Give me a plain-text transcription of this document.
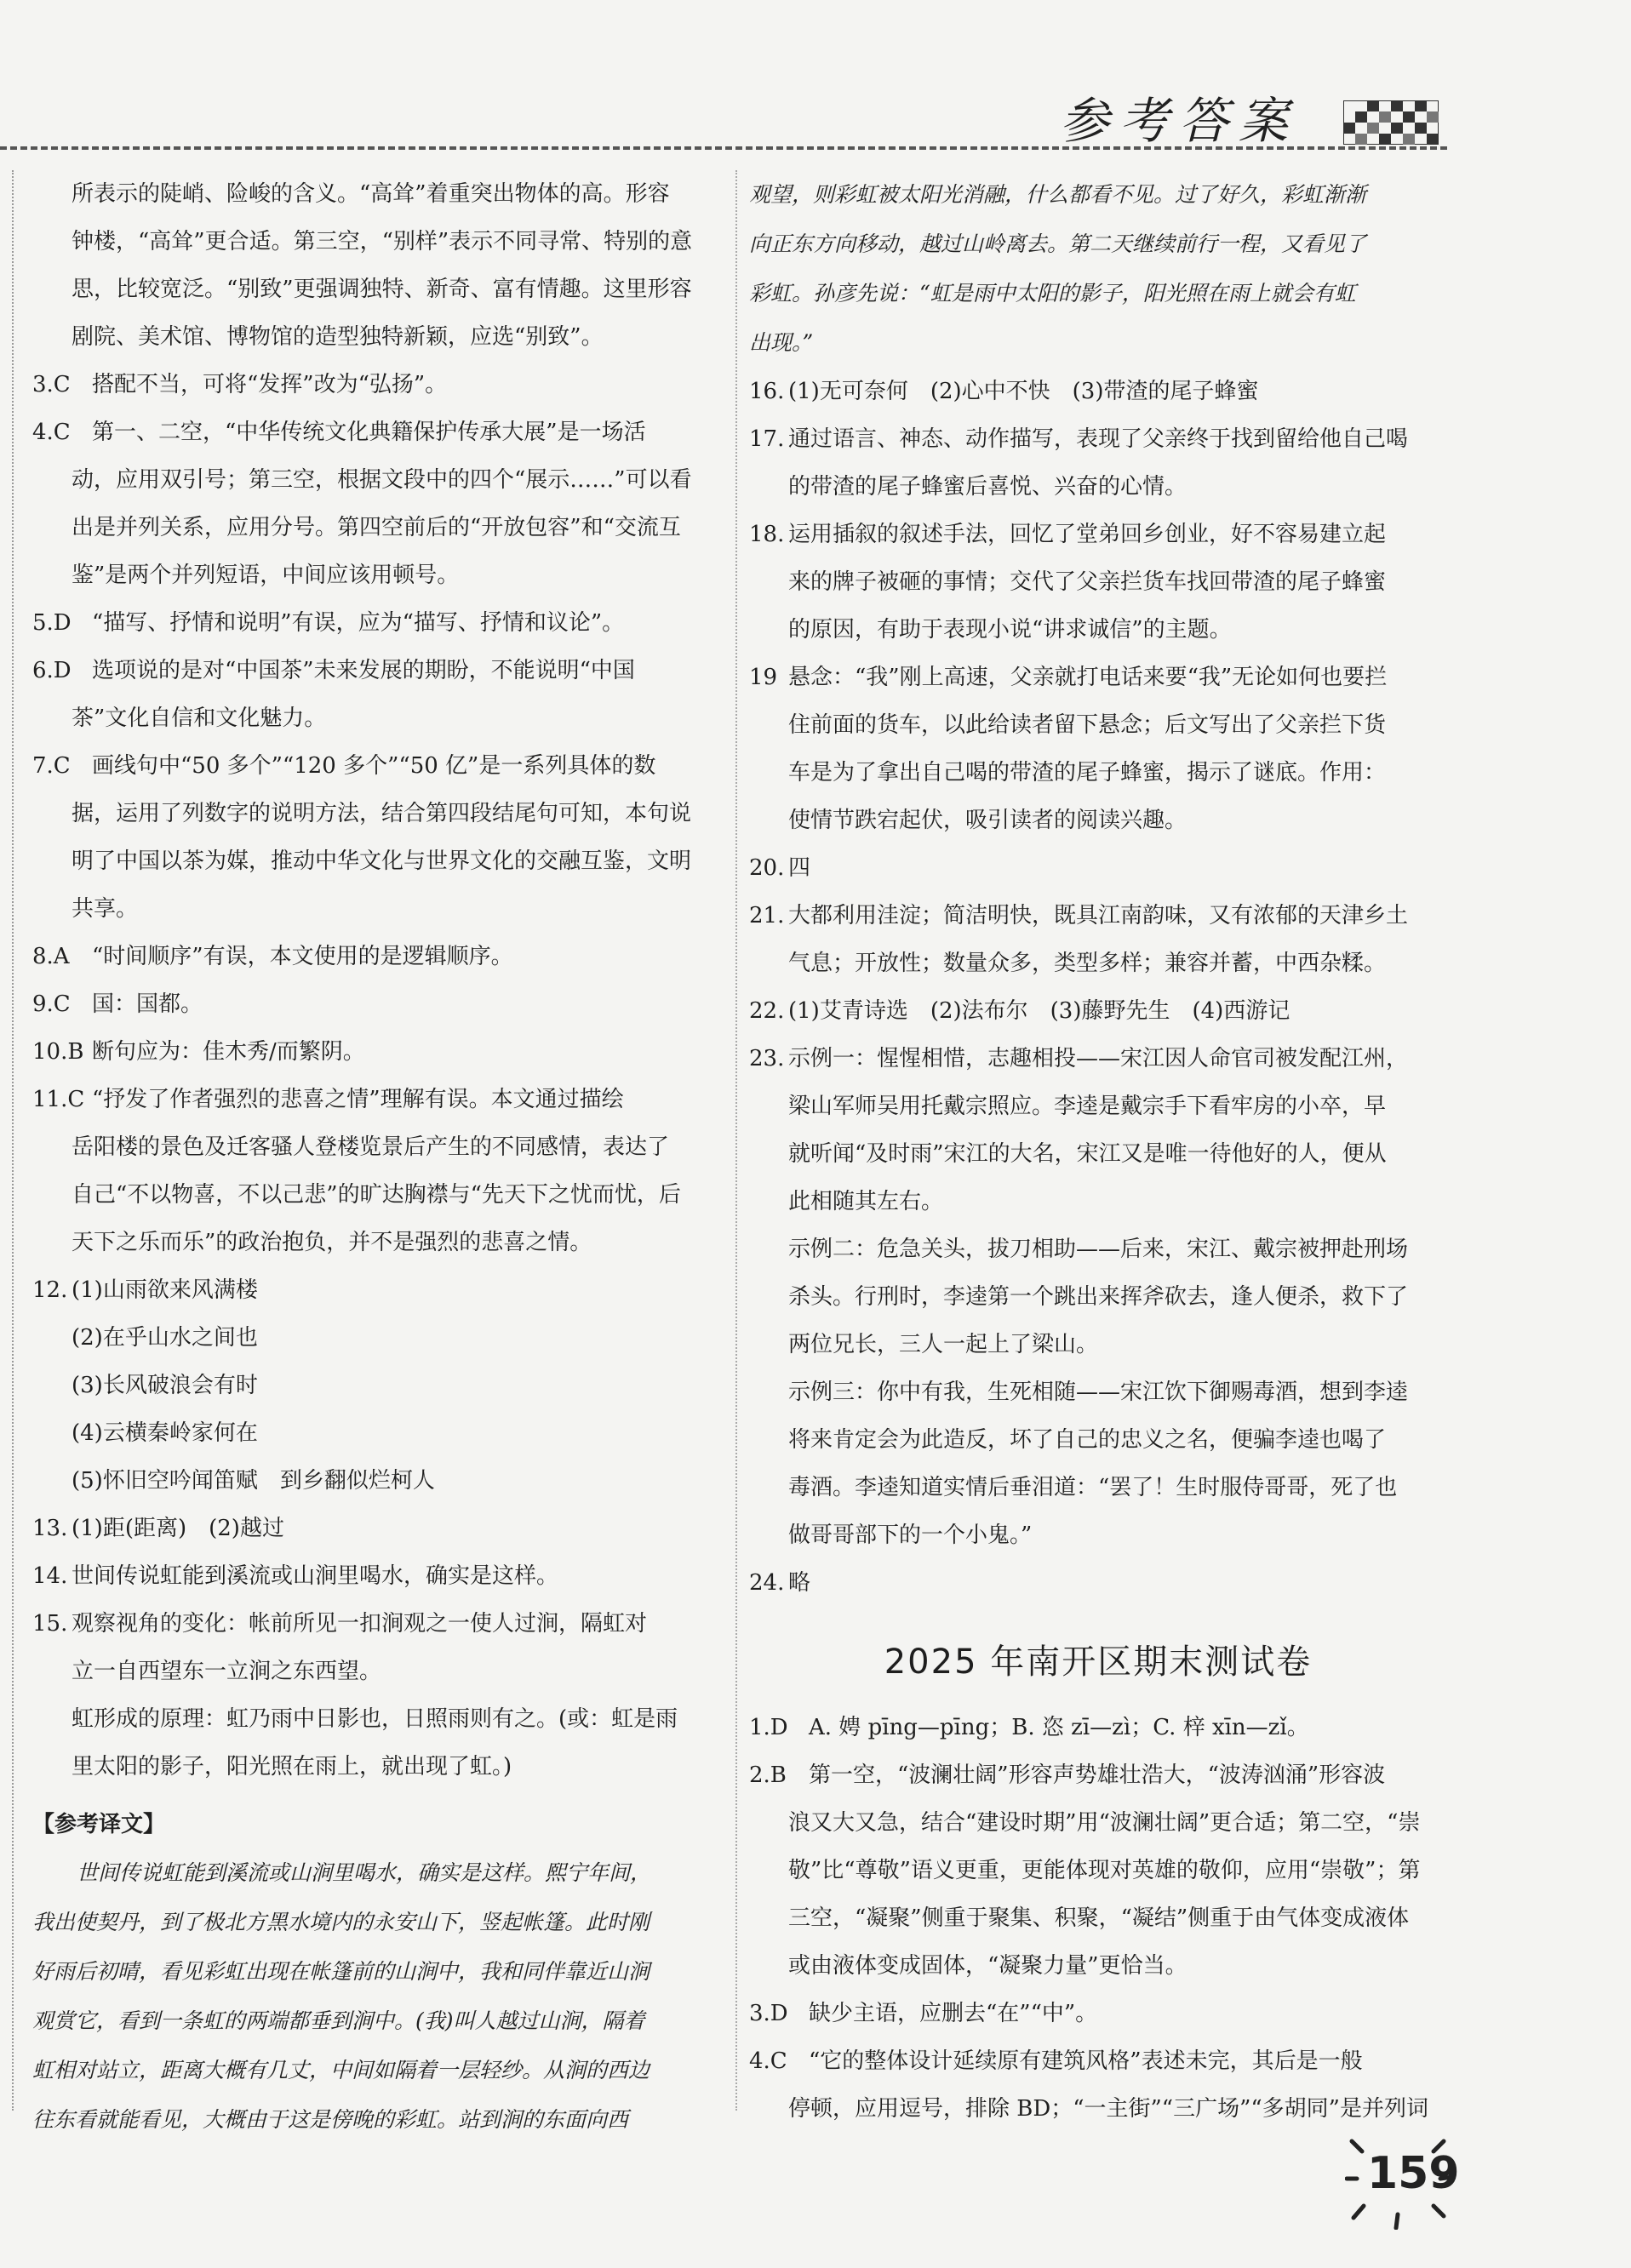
参考答案
所表示的陡峭、险峻的含义。“高耸”着重突出物体的高。形容
钟楼，“高耸”更合适。第三空，“别样”表示不同寻常、特别的意
思，比较宽泛。“别致”更强调独特、新奇、富有情趣。这里形容
剧院、美术馆、博物馆的造型独特新颖，应选“别致”。
3.C 搭配不当，可将“发挥”改为“弘扬”。
4.C 第一、二空，“中华传统文化典籍保护传承大展”是一场活
动，应用双引号；第三空，根据文段中的四个“展示……”可以看
出是并列关系，应用分号。第四空前后的“开放包容”和“交流互
鉴”是两个并列短语，中间应该用顿号。
5.D “描写、抒情和说明”有误，应为“描写、抒情和议论”。
6.D 选项说的是对“中国茶”未来发展的期盼，不能说明“中国
茶”文化自信和文化魅力。
7.C 画线句中“50 多个”“120 多个”“50 亿”是一系列具体的数
据，运用了列数字的说明方法，结合第四段结尾句可知，本句说
明了中国以茶为媒，推动中华文化与世界文化的交融互鉴，文明
共享。
8.A “时间顺序”有误，本文使用的是逻辑顺序。
9.C 国：国都。
10.B 断句应为：佳木秀/而繁阴。
11.C “抒发了作者强烈的悲喜之情”理解有误。本文通过描绘
岳阳楼的景色及迁客骚人登楼览景后产生的不同感情，表达了
自己“不以物喜，不以己悲”的旷达胸襟与“先天下之忧而忧，后
天下之乐而乐”的政治抱负，并不是强烈的悲喜之情。
12. (1)山雨欲来风满楼
(2)在乎山水之间也
(3)长风破浪会有时
(4)云横秦岭家何在
(5)怀旧空吟闻笛赋　到乡翻似烂柯人
13. (1)距(距离)　(2)越过
14. 世间传说虹能到溪流或山涧里喝水，确实是这样。
15. 观察视角的变化：帐前所见一扣涧观之一使人过涧，隔虹对
立一自西望东一立涧之东西望。
虹形成的原理：虹乃雨中日影也，日照雨则有之。(或：虹是雨
里太阳的影子，阳光照在雨上，就出现了虹。)
【参考译文】
世间传说虹能到溪流或山涧里喝水，确实是这样。熙宁年间，
我出使契丹，到了极北方黑水境内的永安山下，竖起帐篷。此时刚
好雨后初晴，看见彩虹出现在帐篷前的山涧中，我和同伴靠近山涧
观赏它，看到一条虹的两端都垂到涧中。(我)叫人越过山涧，隔着
虹相对站立，距离大概有几丈，中间如隔着一层轻纱。从涧的西边
往东看就能看见，大概由于这是傍晚的彩虹。站到涧的东面向西
观望，则彩虹被太阳光消融，什么都看不见。过了好久，彩虹渐渐
向正东方向移动，越过山岭离去。第二天继续前行一程，又看见了
彩虹。孙彦先说：“虹是雨中太阳的影子，阳光照在雨上就会有虹
出现。”
16. (1)无可奈何　(2)心中不快　(3)带渣的尾子蜂蜜
17. 通过语言、神态、动作描写，表现了父亲终于找到留给他自己喝
的带渣的尾子蜂蜜后喜悦、兴奋的心情。
18. 运用插叙的叙述手法，回忆了堂弟回乡创业，好不容易建立起
来的牌子被砸的事情；交代了父亲拦货车找回带渣的尾子蜂蜜
的原因，有助于表现小说“讲求诚信”的主题。
19 悬念：“我”刚上高速，父亲就打电话来要“我”无论如何也要拦
住前面的货车，以此给读者留下悬念；后文写出了父亲拦下货
车是为了拿出自己喝的带渣的尾子蜂蜜，揭示了谜底。作用：
使情节跌宕起伏，吸引读者的阅读兴趣。
20. 四
21. 大都利用洼淀；简洁明快，既具江南韵味，又有浓郁的天津乡土
气息；开放性；数量众多，类型多样；兼容并蓄，中西杂糅。
22. (1)艾青诗选　(2)法布尔　(3)藤野先生　(4)西游记
23. 示例一：惺惺相惜，志趣相投——宋江因人命官司被发配江州，
梁山军师吴用托戴宗照应。李逵是戴宗手下看牢房的小卒，早
就听闻“及时雨”宋江的大名，宋江又是唯一待他好的人，便从
此相随其左右。
示例二：危急关头，拔刀相助——后来，宋江、戴宗被押赴刑场
杀头。行刑时，李逵第一个跳出来挥斧砍去，逢人便杀，救下了
两位兄长，三人一起上了梁山。
示例三：你中有我，生死相随——宋江饮下御赐毒酒，想到李逵
将来肯定会为此造反，坏了自己的忠义之名，便骗李逵也喝了
毒酒。李逵知道实情后垂泪道：“罢了！生时服侍哥哥，死了也
做哥哥部下的一个小鬼。”
24. 略
2025 年南开区期末测试卷
1.D A. 娉 pīng—pīng；B. 恣 zī—zì；C. 梓 xīn—zǐ。
2.B 第一空，“波澜壮阔”形容声势雄壮浩大，“波涛汹涌”形容波
浪又大又急，结合“建设时期”用“波澜壮阔”更合适；第二空，“崇
敬”比“尊敬”语义更重，更能体现对英雄的敬仰，应用“崇敬”；第
三空，“凝聚”侧重于聚集、积聚，“凝结”侧重于由气体变成液体
或由液体变成固体，“凝聚力量”更恰当。
3.D 缺少主语，应删去“在”“中”。
4.C “它的整体设计延续原有建筑风格”表述未完，其后是一般
停顿，应用逗号，排除 BD；“一主街”“三广场”“多胡同”是并列词
159
